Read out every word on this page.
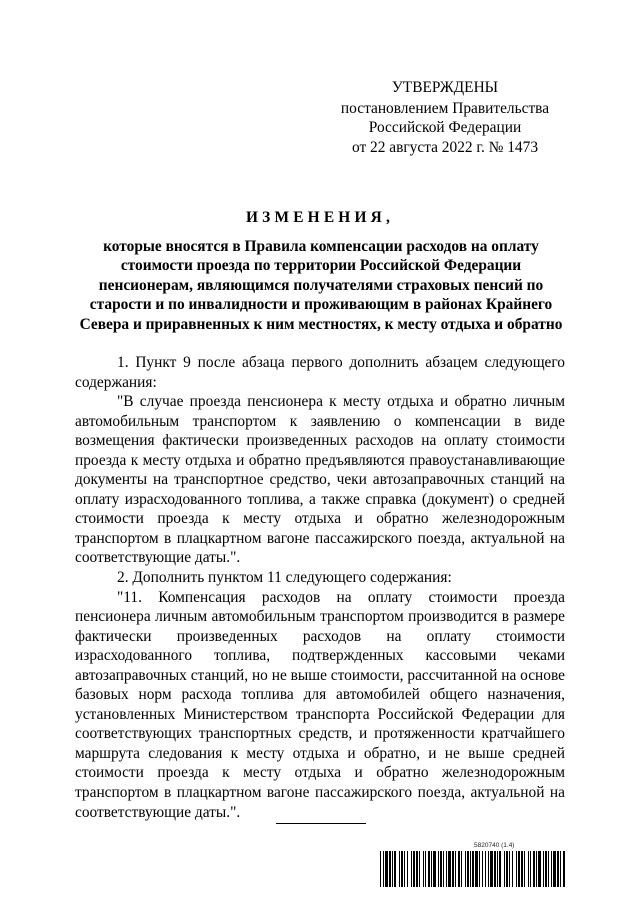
УТВЕРЖДЕНЫ
постановлением Правительства
Российской Федерации
от 22 августа 2022 г. № 1473
ИЗМЕНЕНИЯ,
которые вносятся в Правила компенсации расходов на оплату стоимости проезда по территории Российской Федерации пенсионерам, являющимся получателями страховых пенсий по старости и по инвалидности и проживающим в районах Крайнего Севера и приравненных к ним местностях, к месту отдыха и обратно

1. Пункт 9 после абзаца первого дополнить абзацем следующего содержания:

"В случае проезда пенсионера к месту отдыха и обратно личным автомобильным транспортом к заявлению о компенсации в виде возмещения фактически произведенных расходов на оплату стоимости проезда к месту отдыха и обратно предъявляются правоустанавливающие документы на транспортное средство, чеки автозаправочных станций на оплату израсходованного топлива, а также справка (документ) о средней стоимости проезда к месту отдыха и обратно железнодорожным транспортом в плацкартном вагоне пассажирского поезда, актуальной на соответствующие даты.".

2. Дополнить пунктом 11 следующего содержания:

"11. Компенсация расходов на оплату стоимости проезда пенсионера личным автомобильным транспортом производится в размере фактически произведенных расходов на оплату стоимости израсходованного топлива, подтвержденных кассовыми чеками автозаправочных станций, но не выше стоимости, рассчитанной на основе базовых норм расхода топлива для автомобилей общего назначения, установленных Министерством транспорта Российской Федерации для соответствующих транспортных средств, и протяженности кратчайшего маршрута следования к месту отдыха и обратно, и не выше средней стоимости проезда к месту отдыха и обратно железнодорожным транспортом в плацкартном вагоне пассажирского поезда, актуальной на соответствующие даты.".

5820740 (1.4)
